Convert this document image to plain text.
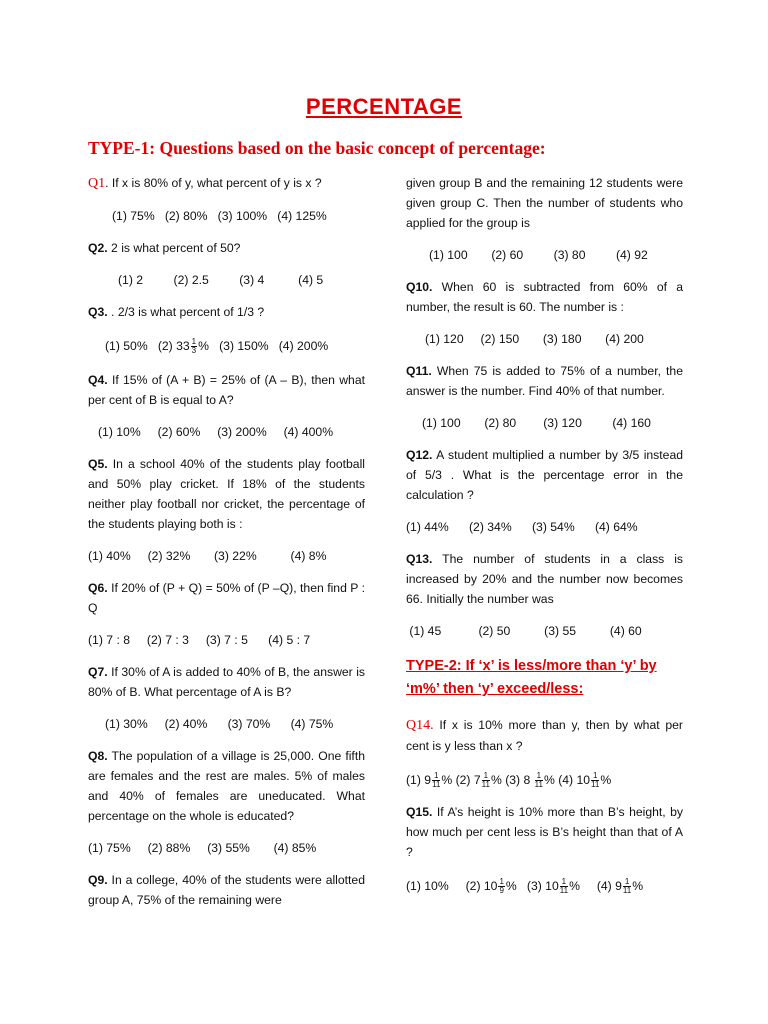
PERCENTAGE
TYPE-1: Questions based on the basic concept of percentage:
Q1. If x is 80% of y, what percent of y is x ?
(1) 75%   (2) 80%   (3) 100%   (4) 125%
Q2. 2 is what percent of 50?
(1) 2         (2) 2.5         (3) 4          (4) 5
Q3. . 2/3 is what percent of 1/3 ?
(1) 50%   (2) $33 \frac{1}{3}$ %   (3) 150%   (4) 200%
Q4. If 15% of (A + B) = 25% of (A – B), then what per cent of B is equal to A?
(1) 10%     (2) 60%     (3) 200%     (4) 400%
Q5. In a school 40% of the students play football and 50% play cricket. If 18% of the students neither play football nor cricket, the percentage of the students playing both is :
(1) 40%     (2) 32%       (3) 22%          (4) 8%
Q6. If 20% of (P + Q) = 50% of (P –Q), then find P : Q
(1) 7 : 8     (2) 7 : 3     (3) 7 : 5      (4) 5 : 7
Q7. If 30% of A is added to 40% of B, the answer is 80% of B. What percentage of A is B?
(1) 30%     (2) 40%      (3) 70%      (4) 75%
Q8. The population of a village is 25,000. One fifth are females and the rest are males. 5% of males and 40% of females are uneducated. What percentage on the whole is educated?
(1) 75%     (2) 88%     (3) 55%       (4) 85%
Q9. In a college, 40% of the students were allotted group A, 75% of the remaining were
given group B and the remaining 12 students were given group C. Then the number of students who applied for the group is
(1) 100       (2) 60         (3) 80         (4) 92
Q10. When 60 is subtracted from 60% of a number, the result is 60. The number is :
(1) 120     (2) 150       (3) 180       (4) 200
Q11. When 75 is added to 75% of a number, the answer is the number. Find 40% of that number.
(1) 100       (2) 80        (3) 120         (4) 160
Q12. A student multiplied a number by 3/5 instead of 5/3 . What is the percentage error in the calculation ?
(1) 44%      (2) 34%      (3) 54%      (4) 64%
Q13. The number of students in a class is increased by 20% and the number now becomes 66. Initially the number was
(1) 45           (2) 50          (3) 55          (4) 60
TYPE-2: If ‘x’ is less/more than ‘y’ by
‘m%’ then ‘y’ exceed/less:
Q14. If x is 10% more than y, then by what per cent is y less than x ?
(1) $9 \frac{1}{11}$ % (2) $7 \frac{1}{11}$ % (3) $8 \frac{1}{11}$ % (4) $10 \frac{1}{11}$ %
Q15. If A’s height is 10% more than B’s height, by how much per cent less is B’s height than that of A ?
(1) 10%     (2) $10 \frac{1}{9}$ %   (3) $10 \frac{1}{11}$ %     (4) $9 \frac{1}{11}$ %
